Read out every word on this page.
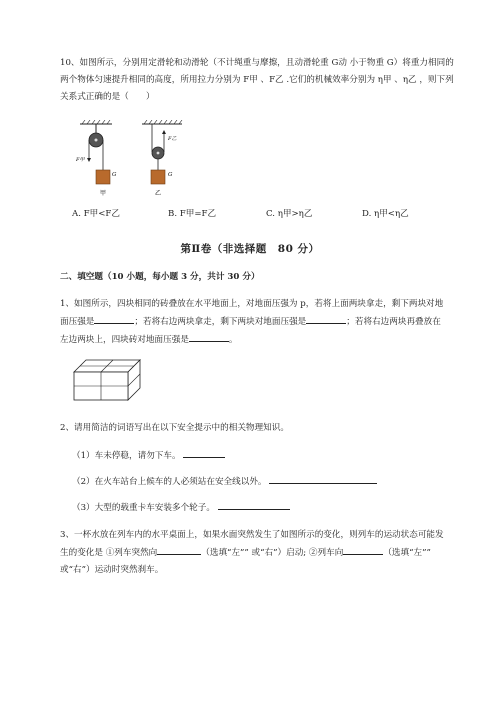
10、如图所示，分别用定滑轮和动滑轮（不计绳重与摩擦，且动滑轮重 G动 小于物重 G）将重力相同的
两个物体匀速提升相同的高度，所用拉力分别为 F甲 、F乙 .它们的机械效率分别为 η甲 、η乙 ，则下列
关系式正确的是（　　）

F甲
G
甲
F乙
G
乙
A. F甲<F乙	B. F甲=F乙	C. η甲>η乙	D. η甲<η乙
第Ⅱ卷（非选择题　80 分）
二、填空题（10 小题，每小题 3 分，共计 30 分）

1、如图所示，四块相同的砖叠放在水平地面上，对地面压强为 p，若将上面两块拿走，剩下两块对地
面压强是	；若将右边两块拿走，剩下两块对地面压强是	；若将右边两块再叠放在
左边两块上，四块砖对地面压强是	。

2、请用简洁的词语写出在以下安全提示中的相关物理知识。

（1）车未停稳，请勿下车。
（2）在火车站台上候车的人必须站在安全线以外。
（3）大型的载重卡车安装多个轮子。

3、一杯水放在列车内的水平桌面上，如果水面突然发生了如图所示的变化，则列车的运动状态可能发
生的变化是 ①列车突然向	（选填“左”” 或“右”）启动; ②列车向	（选填“左””
或“右”）运动时突然刹车。
